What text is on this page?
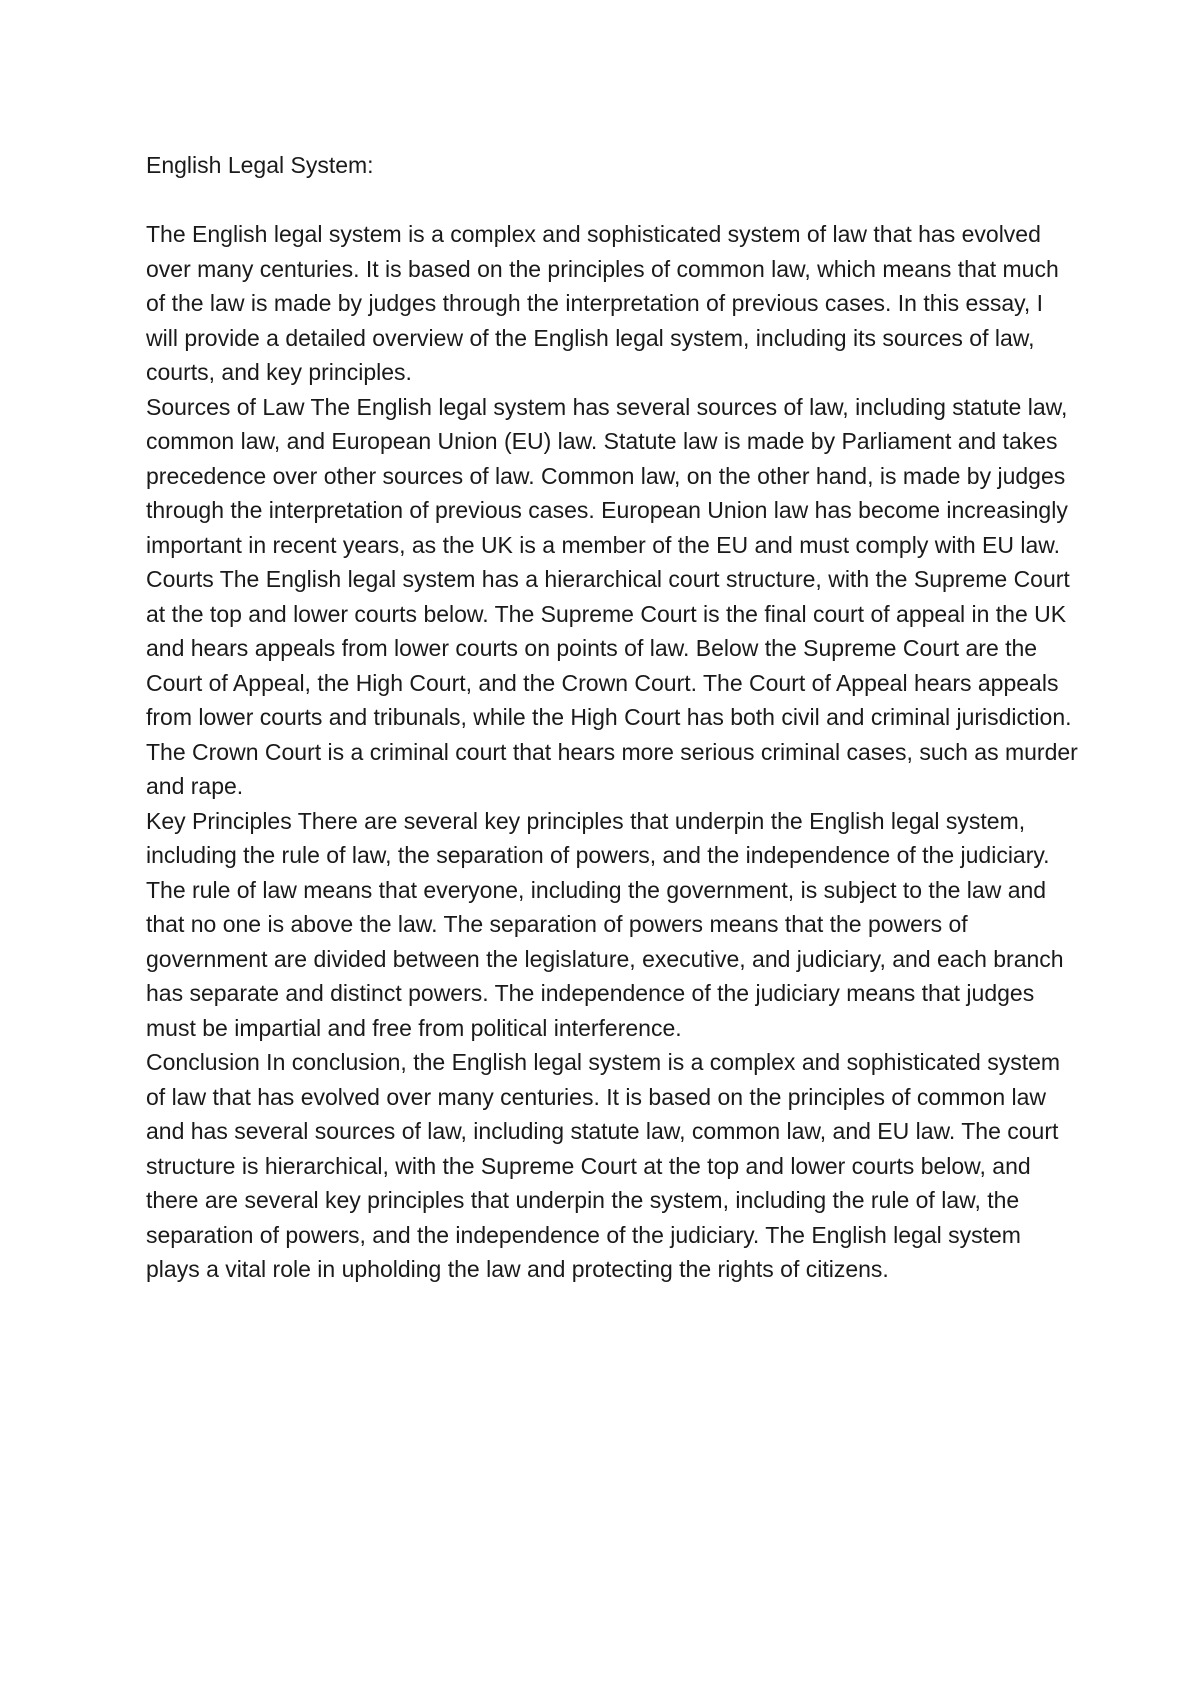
English Legal System:
The English legal system is a complex and sophisticated system of law that has evolved over many centuries. It is based on the principles of common law, which means that much of the law is made by judges through the interpretation of previous cases. In this essay, I will provide a detailed overview of the English legal system, including its sources of law, courts, and key principles.
Sources of Law The English legal system has several sources of law, including statute law, common law, and European Union (EU) law. Statute law is made by Parliament and takes precedence over other sources of law. Common law, on the other hand, is made by judges through the interpretation of previous cases. European Union law has become increasingly important in recent years, as the UK is a member of the EU and must comply with EU law.
Courts The English legal system has a hierarchical court structure, with the Supreme Court at the top and lower courts below. The Supreme Court is the final court of appeal in the UK and hears appeals from lower courts on points of law. Below the Supreme Court are the Court of Appeal, the High Court, and the Crown Court. The Court of Appeal hears appeals from lower courts and tribunals, while the High Court has both civil and criminal jurisdiction. The Crown Court is a criminal court that hears more serious criminal cases, such as murder and rape.
Key Principles There are several key principles that underpin the English legal system, including the rule of law, the separation of powers, and the independence of the judiciary. The rule of law means that everyone, including the government, is subject to the law and that no one is above the law. The separation of powers means that the powers of government are divided between the legislature, executive, and judiciary, and each branch has separate and distinct powers. The independence of the judiciary means that judges must be impartial and free from political interference.
Conclusion In conclusion, the English legal system is a complex and sophisticated system of law that has evolved over many centuries. It is based on the principles of common law and has several sources of law, including statute law, common law, and EU law. The court structure is hierarchical, with the Supreme Court at the top and lower courts below, and there are several key principles that underpin the system, including the rule of law, the separation of powers, and the independence of the judiciary. The English legal system plays a vital role in upholding the law and protecting the rights of citizens.
